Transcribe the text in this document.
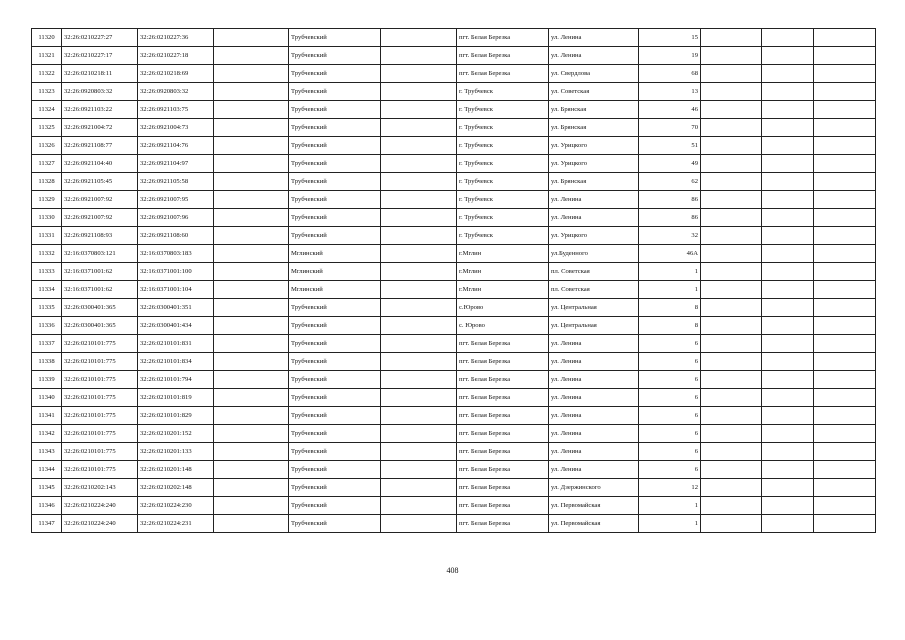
11320	32:26:0210227:27	32:26:0210227:36		Трубчевский		пгт. Белая Березка	ул. Ленина	15			
11321	32:26:0210227:17	32:26:0210227:18		Трубчевский		пгт. Белая Березка	ул. Ленина	19			
11322	32:26:0210218:11	32:26:0210218:69		Трубчевский		пгт. Белая Березка	ул. Свердлова	68			
11323	32:26:0920803:32	32:26:0920803:32		Трубчевский		г. Трубчевск	ул. Советская	13			
11324	32:26:0921103:22	32:26:0921103:75		Трубчевский		г. Трубчевск	ул. Брянская	46			
11325	32:26:0921004:72	32:26:0921004:73		Трубчевский		г. Трубчевск	ул. Брянская	70			
11326	32:26:0921108:77	32:26:0921104:76		Трубчевский		г. Трубчевск	ул. Урицкого	51			
11327	32:26:0921104:40	32:26:0921104:97		Трубчевский		г. Трубчевск	ул. Урицкого	49			
11328	32:26:0921105:45	32:26:0921105:58		Трубчевский		г. Трубчевск	ул. Брянская	62			
11329	32:26:0921007:92	32:26:0921007:95		Трубчевский		г. Трубчевск	ул. Ленина	86			
11330	32:26:0921007:92	32:26:0921007:96		Трубчевский		г. Трубчевск	ул. Ленина	86			
11331	32:26:0921108:93	32:26:0921108:60		Трубчевский		г. Трубчевск	ул. Урицкого	32			
11332	32:16:0370803:121	32:16:0370803:183		Мглинский		г.Мглин	ул.Буденного	46А			
11333	32:16:0371001:62	32:16:0371001:100		Мглинский		г.Мглин	пл. Советская	1			
11334	32:16:0371001:62	32:16:0371001:104		Мглинский		г.Мглин	пл. Советская	1			
11335	32:26:0300401:365	32:26:0300401:351		Трубчевский		с.Юрово	ул. Центральная	8			
11336	32:26:0300401:365	32:26:0300401:434		Трубчевский		с. Юрово	ул. Центральная	8			
11337	32:26:0210101:775	32:26:0210101:831		Трубчевский		пгт. Белая Березка	ул. Ленина	6			
11338	32:26:0210101:775	32:26:0210101:834		Трубчевский		пгт. Белая Березка	ул. Ленина	6			
11339	32:26:0210101:775	32:26:0210101:794		Трубчевский		пгт. Белая Березка	ул. Ленина	6			
11340	32:26:0210101:775	32:26:0210101:819		Трубчевский		пгт. Белая Березка	ул. Ленина	6			
11341	32:26:0210101:775	32:26:0210101:829		Трубчевский		пгт. Белая Березка	ул. Ленина	6			
11342	32:26:0210101:775	32:26:0210201:152		Трубчевский		пгт. Белая Березка	ул. Ленина	6			
11343	32:26:0210101:775	32:26:0210201:133		Трубчевский		пгт. Белая Березка	ул. Ленина	6			
11344	32:26:0210101:775	32:26:0210201:148		Трубчевский		пгт. Белая Березка	ул. Ленина	6			
11345	32:26:0210202:143	32:26:0210202:148		Трубчевский		пгт. Белая Березка	ул. Дзержинского	12			
11346	32:26:0210224:240	32:26:0210224:230		Трубчевский		пгт. Белая Березка	ул. Первомайская	1			
11347	32:26:0210224:240	32:26:0210224:231		Трубчевский		пгт. Белая Березка	ул. Первомайская	1			
408
